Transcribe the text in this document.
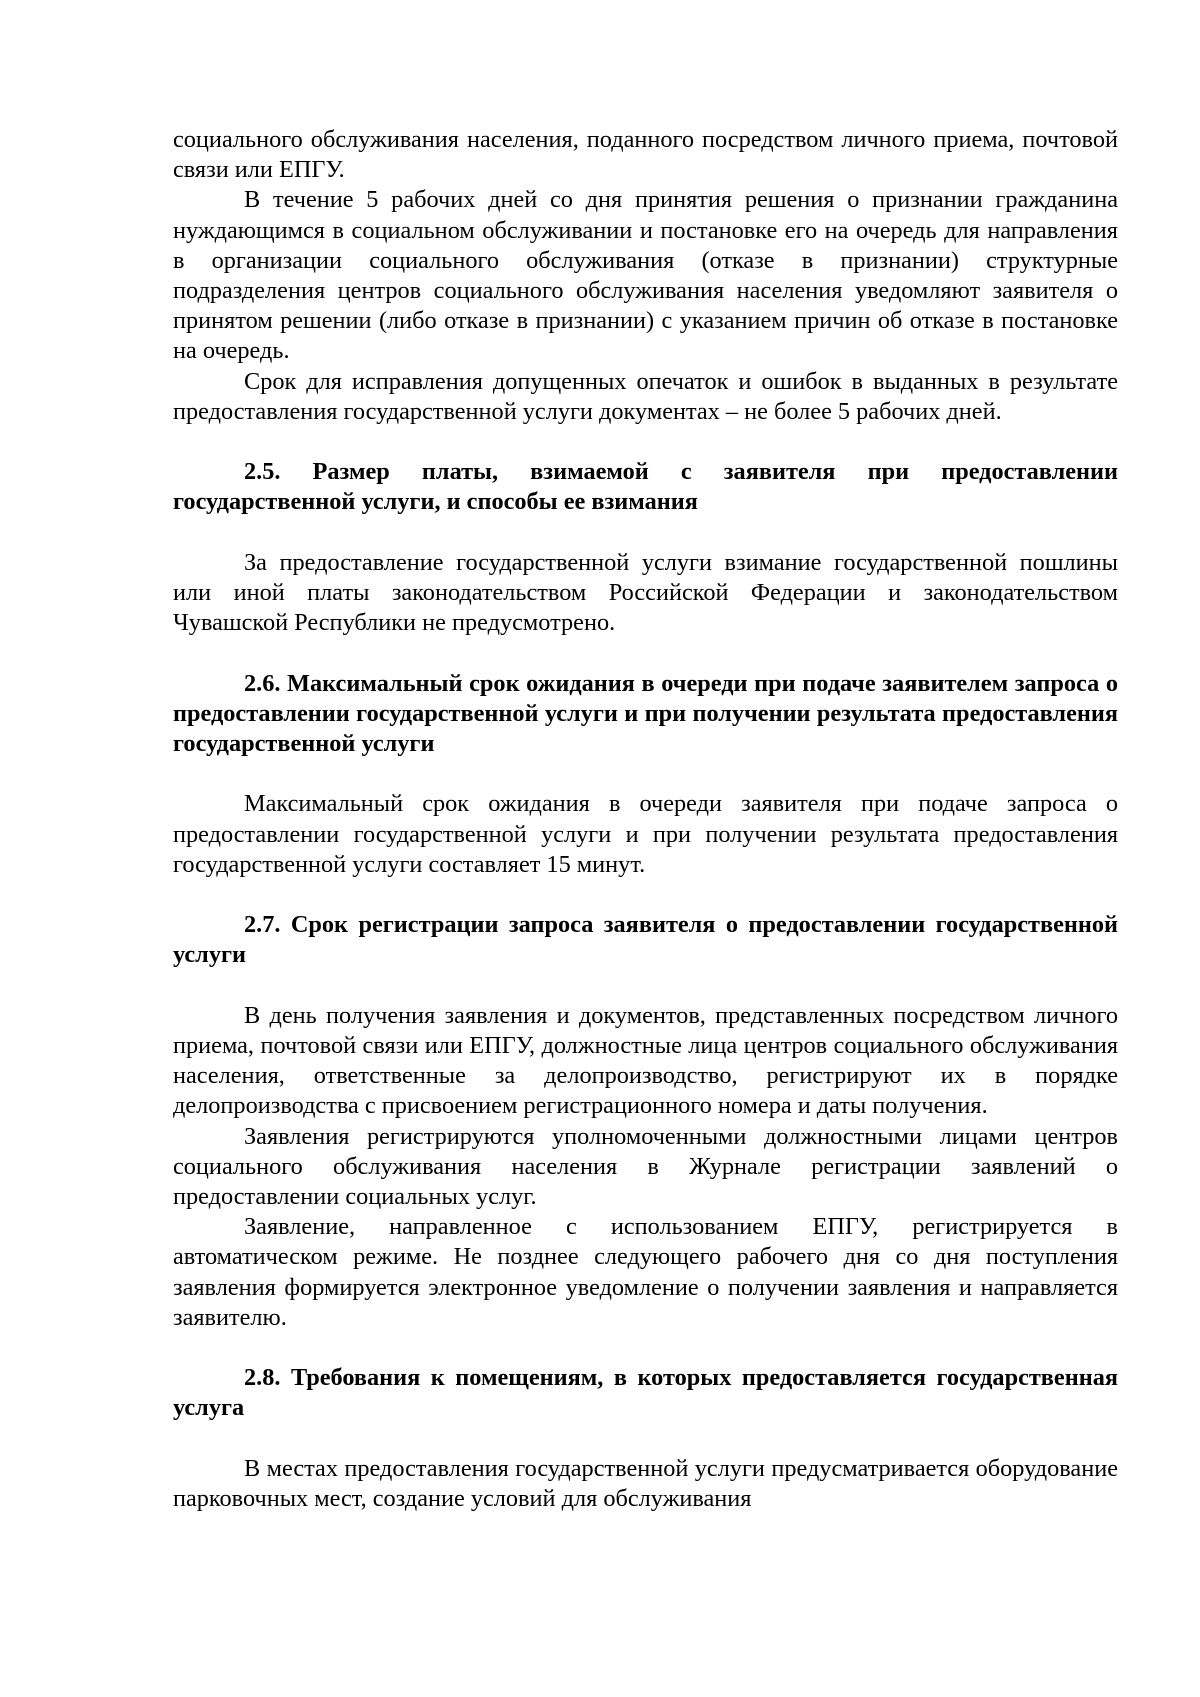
социального обслуживания населения, поданного посредством личного приема, почтовой связи или ЕПГУ.

В течение 5 рабочих дней со дня принятия решения о признании гражданина нуждающимся в социальном обслуживании и постановке его на очередь для направления в организации социального обслуживания (отказе в признании) структурные подразделения центров социального обслуживания населения уведомляют заявителя о принятом решении (либо отказе в признании) с указанием причин об отказе в постановке на очередь.

Срок для исправления допущенных опечаток и ошибок в выданных в результате предоставления государственной услуги документах – не более 5 рабочих дней.

2.5. Размер платы, взимаемой с заявителя при предоставлении государственной услуги, и способы ее взимания

За предоставление государственной услуги взимание государственной пошлины или иной платы законодательством Российской Федерации и законодательством Чувашской Республики не предусмотрено.

2.6. Максимальный срок ожидания в очереди при подаче заявителем запроса о предоставлении государственной услуги и при получении результата предоставления государственной услуги

Максимальный срок ожидания в очереди заявителя при подаче запроса о предоставлении государственной услуги и при получении результата предоставления государственной услуги составляет 15 минут.

2.7. Срок регистрации запроса заявителя о предоставлении государственной услуги

В день получения заявления и документов, представленных посредством личного приема, почтовой связи или ЕПГУ, должностные лица центров социального обслуживания населения, ответственные за делопроизводство, регистрируют их в порядке делопроизводства с присвоением регистрационного номера и даты получения.

Заявления регистрируются уполномоченными должностными лицами центров социального обслуживания населения в Журнале регистрации заявлений о предоставлении социальных услуг.

Заявление, направленное с использованием ЕПГУ, регистрируется в автоматическом режиме. Не позднее следующего рабочего дня со дня поступления заявления формируется электронное уведомление о получении заявления и направляется заявителю.

2.8. Требования к помещениям, в которых предоставляется государственная услуга

В местах предоставления государственной услуги предусматривается оборудование парковочных мест, создание условий для обслуживания
